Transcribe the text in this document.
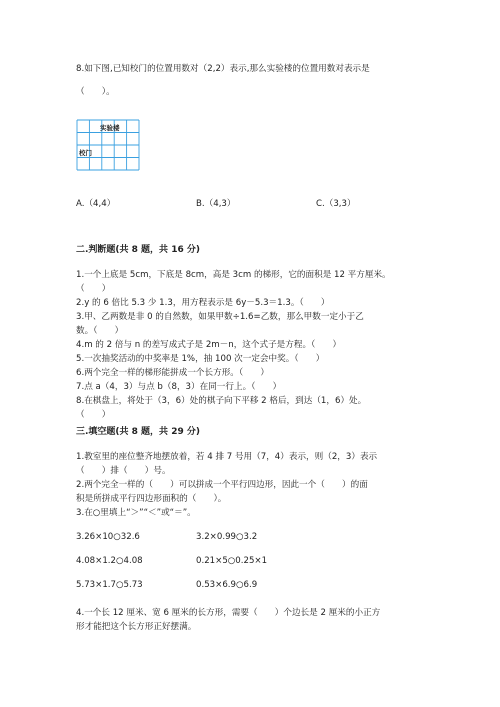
8.如下图,已知校门的位置用数对（2,2）表示,那么实验楼的位置用数对表示是
（　　）。
实验楼
校门
A.（4,4）	B.（4,3）	C.（3,3）
二.判断题(共 8 题，共 16 分)
1.一个上底是 5cm，下底是 8cm，高是 3cm 的梯形，它的面积是 12 平方厘米。
（　　）
2.y 的 6 倍比 5.3 少 1.3，用方程表示是 6y－5.3＝1.3。（　　）
3.甲、乙两数是非 0 的自然数，如果甲数÷1.6=乙数，那么甲数一定小于乙
数。（　　）
4.m 的 2 倍与 n 的差写成式子是 2m－n，这个式子是方程。（　　）
5.一次抽奖活动的中奖率是 1%，抽 100 次一定会中奖。（　　）
6.两个完全一样的梯形能拼成一个长方形。（　　）
7.点 a（4，3）与点 b（8，3）在同一行上。（　　）
8.在棋盘上，将处于（3，6）处的棋子向下平移 2 格后，到达（1，6）处。
（　　）
三.填空题(共 8 题，共 29 分)
1.教室里的座位整齐地摆放着，若 4 排 7 号用（7，4）表示，则（2，3）表示
（　　）排（　　）号。
2.两个完全一样的（　　）可以拼成一个平行四边形，因此一个（　　）的面
积是所拼成平行四边形面积的（　　）。
3.在○里填上“＞”“＜”或“＝”。
3.26×10○32.6	3.2×0.99○3.2
4.08×1.2○4.08	0.21×5○0.25×1
5.73×1.7○5.73	0.53×6.9○6.9
4.一个长 12 厘米、宽 6 厘米的长方形，需要（　　）个边长是 2 厘米的小正方
形才能把这个长方形正好摆满。
